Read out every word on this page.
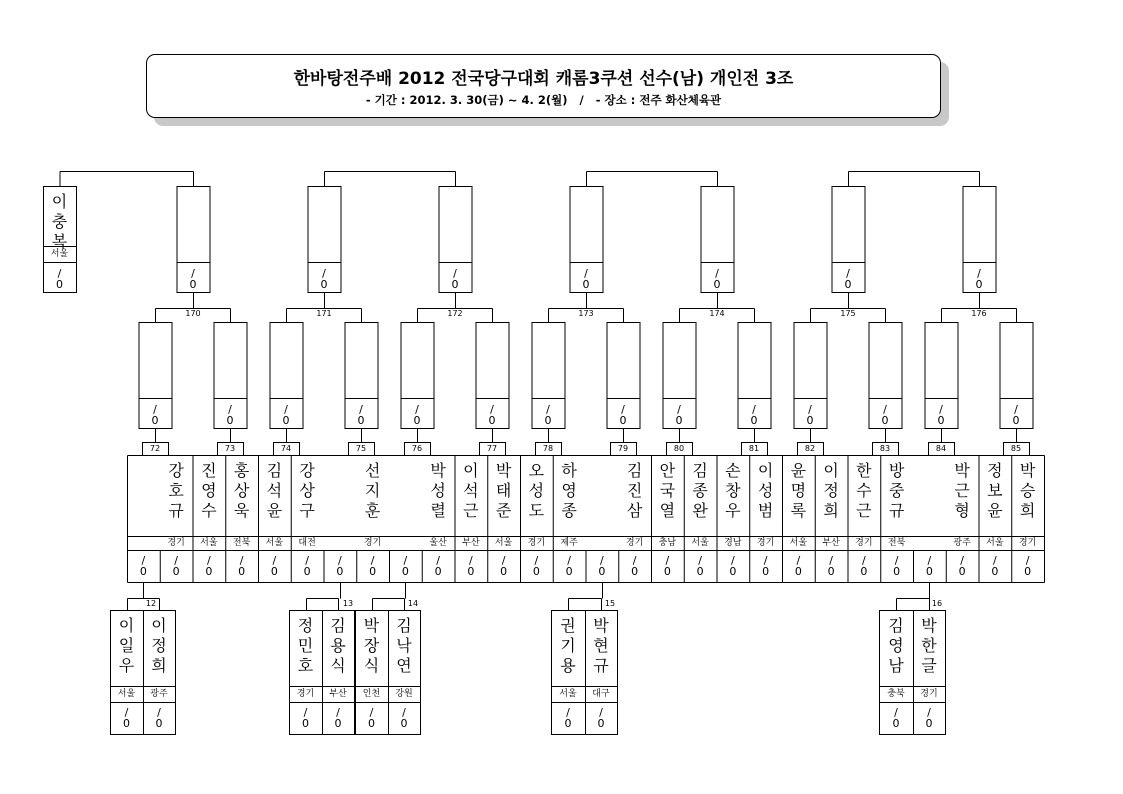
한바탕전주배 2012 전국당구대회 캐롬3쿠션 선수(남) 개인전 3조
- 기간 : 2012. 3. 30(금) ~ 4. 2(월)   /   - 장소 : 전주 화산체육관
/
0
강
호
규
경기
/
0
진
영
수
서울
/
0
홍
상
욱
전북
/
0
김
석
윤
서울
/
0
강
상
구
대전
/
0
/
0
선
지
훈
경기
/
0
/
0
박
성
렬
울산
/
0
이
석
근
부산
/
0
박
태
준
서울
/
0
오
성
도
경기
/
0
하
영
종
제주
/
0
/
0
김
진
삼
경기
/
0
안
국
열
충남
/
0
김
종
완
서울
/
0
손
창
우
경남
/
0
이
성
범
경기
/
0
윤
명
록
서울
/
0
이
정
희
부산
/
0
한
수
근
경기
/
0
방
중
규
전북
/
0
/
0
박
근
형
광주
/
0
정
보
윤
서울
/
0
박
승
희
경기
/
0
/
0
72
/
0
73
/
0
74
/
0
75
/
0
76
/
0
77
/
0
78
/
0
79
/
0
80
/
0
81
/
0
82
/
0
83
/
0
84
/
0
85
/
0
170
/
0
171
/
0
172
/
0
173
/
0
174
/
0
175
/
0
176
이
충
복
서울
/
0
12
이
일
우
서울
/
0
이
정
희
광주
/
0
13
정
민
호
경기
/
0
김
용
식
부산
/
0
14
박
장
식
인천
/
0
김
낙
연
강원
/
0
15
권
기
용
서울
/
0
박
현
규
대구
/
0
16
김
영
남
충북
/
0
박
한
글
경기
/
0
